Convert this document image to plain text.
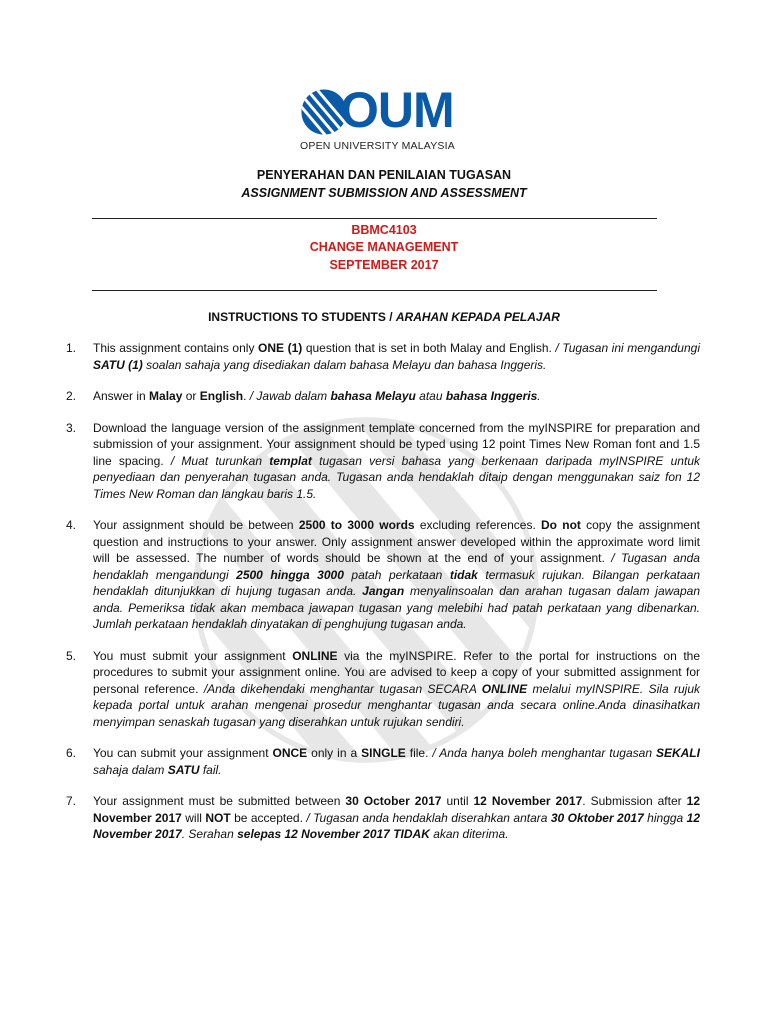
OUM
OPEN UNIVERSITY MALAYSIA
PENYERAHAN DAN PENILAIAN TUGASAN
ASSIGNMENT SUBMISSION AND ASSESSMENT
BBMC4103
CHANGE MANAGEMENT
SEPTEMBER 2017
INSTRUCTIONS TO STUDENTS / ARAHAN KEPADA PELAJAR
1. This assignment contains only ONE (1) question that is set in both Malay and English. / Tugasan ini mengandungi SATU (1) soalan sahaja yang disediakan dalam bahasa Melayu dan bahasa Inggeris.
2. Answer in Malay or English. / Jawab dalam bahasa Melayu atau bahasa Inggeris.
3. Download the language version of the assignment template concerned from the myINSPIRE for preparation and submission of your assignment. Your assignment should be typed using 12 point Times New Roman font and 1.5 line spacing. / Muat turunkan templat tugasan versi bahasa yang berkenaan daripada myINSPIRE untuk penyediaan dan penyerahan tugasan anda. Tugasan anda hendaklah ditaip dengan menggunakan saiz fon 12 Times New Roman dan langkau baris 1.5.
4. Your assignment should be between 2500 to 3000 words excluding references. Do not copy the assignment question and instructions to your answer. Only assignment answer developed within the approximate word limit will be assessed. The number of words should be shown at the end of your assignment. / Tugasan anda hendaklah mengandungi 2500 hingga 3000 patah perkataan tidak termasuk rujukan. Bilangan perkataan hendaklah ditunjukkan di hujung tugasan anda. Jangan menyalinsoalan dan arahan tugasan dalam jawapan anda. Pemeriksa tidak akan membaca jawapan tugasan yang melebihi had patah perkataan yang dibenarkan. Jumlah perkataan hendaklah dinyatakan di penghujung tugasan anda.
5. You must submit your assignment ONLINE via the myINSPIRE. Refer to the portal for instructions on the procedures to submit your assignment online. You are advised to keep a copy of your submitted assignment for personal reference. /Anda dikehendaki menghantar tugasan SECARA ONLINE melalui myINSPIRE. Sila rujuk kepada portal untuk arahan mengenai prosedur menghantar tugasan anda secara online.Anda dinasihatkan menyimpan senaskah tugasan yang diserahkan untuk rujukan sendiri.
6. You can submit your assignment ONCE only in a SINGLE file. / Anda hanya boleh menghantar tugasan SEKALI sahaja dalam SATU fail.
7. Your assignment must be submitted between 30 October 2017 until 12 November 2017. Submission after 12 November 2017 will NOT be accepted. / Tugasan anda hendaklah diserahkan antara 30 Oktober 2017 hingga 12 November 2017. Serahan selepas 12 November 2017 TIDAK akan diterima.
